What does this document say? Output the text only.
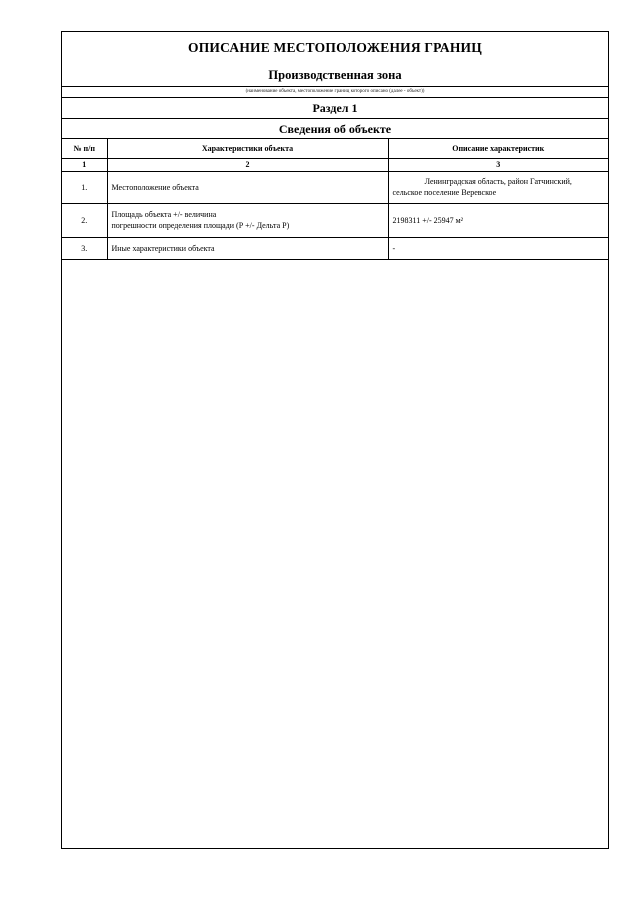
ОПИСАНИЕ МЕСТОПОЛОЖЕНИЯ ГРАНИЦ
Производственная зона
(наименование объекта, местоположение границ которого описано (далее - объект))
Раздел 1
Сведения об объекте
№ п/п	Характеристики объекта	Описание характеристик
1	2	3
1.	Местоположение объекта	Ленинградская область, район Гатчинский,
сельское поселение Веревское

2.	Площадь объекта +/- величина
погрешности определения площади (Р +/- Дельта Р)	2198311 +/- 25947 м²

3.	Иные характеристики объекта	-
